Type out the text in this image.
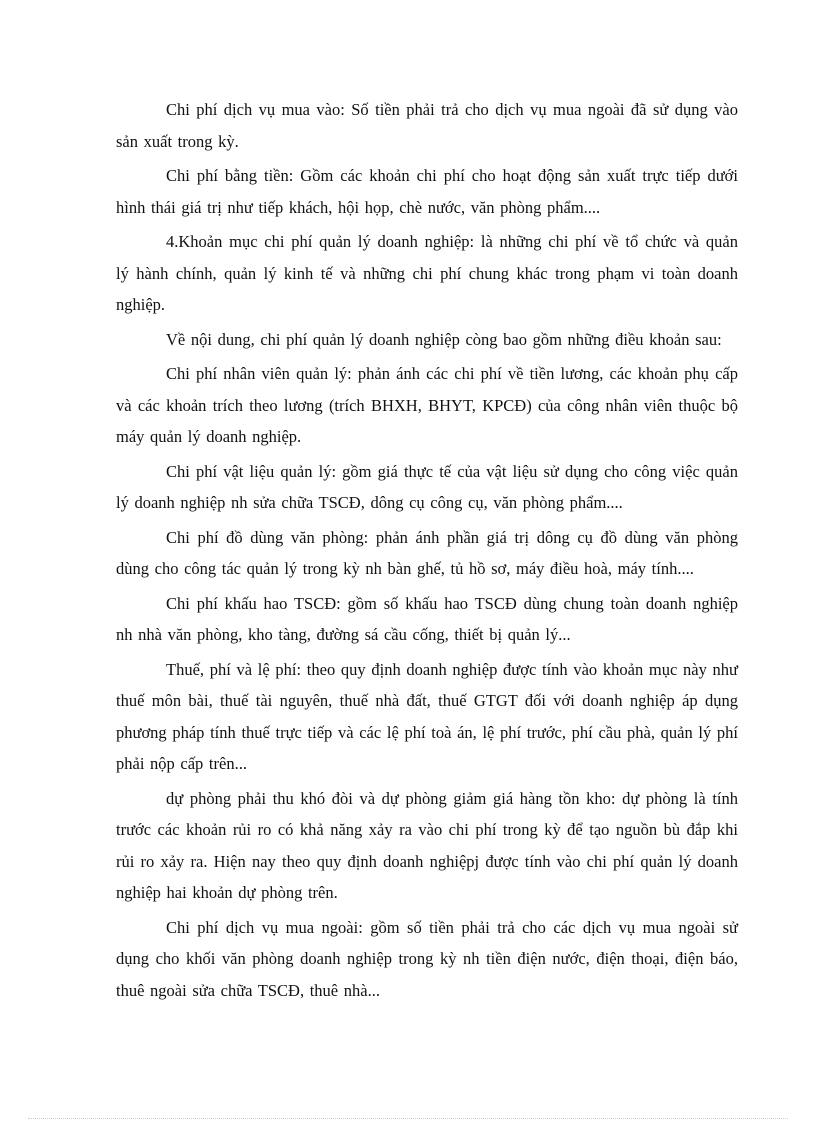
Chi phí dịch vụ mua vào: Số tiền phải trả cho dịch vụ mua ngoài đã sử dụng vào sản xuất trong kỳ.

Chi phí bằng tiền: Gồm các khoản chi phí cho hoạt động sản xuất trực tiếp dưới hình thái giá trị như tiếp khách, hội họp, chè nước, văn phòng phẩm....

4.Khoản mục chi phí quản lý doanh nghiệp: là những chi phí về tổ chức và quản lý hành chính, quản lý kinh tế và những chi phí chung khác trong phạm vi toàn doanh nghiệp.

Về nội dung, chi phí quản lý doanh nghiệp còng bao gồm những điều khoản sau:

Chi phí nhân viên quản lý: phản ánh các chi phí về tiền lương, các khoản phụ cấp và các khoản trích theo lương (trích BHXH, BHYT, KPCĐ) của công nhân viên thuộc bộ máy quản lý doanh nghiệp.

Chi phí vật liệu quản lý: gồm giá thực tế của vật liệu sử dụng cho công việc quản lý doanh nghiệp nh sửa chữa TSCĐ, dông cụ công cụ, văn phòng phẩm....

Chi phí đồ dùng văn phòng: phản ánh phần giá trị dông cụ đồ dùng văn phòng dùng cho công tác quản lý trong kỳ nh bàn ghế, tủ hồ sơ, máy điều hoà, máy tính....

Chi phí khấu hao TSCĐ: gồm số khấu hao TSCĐ dùng chung toàn doanh nghiệp nh nhà văn phòng, kho tàng, đường sá cầu cống, thiết bị quản lý...

Thuế, phí và lệ phí: theo quy định doanh nghiệp được tính vào khoản mục này như thuế môn bài, thuế tài nguyên, thuế nhà đất, thuế GTGT đối với doanh nghiệp áp dụng phương pháp tính thuế trực tiếp và các lệ phí toà án, lệ phí trước, phí cầu phà, quản lý phí phải nộp cấp trên...

dự phòng phải thu khó đòi và dự phòng giảm giá hàng tồn kho: dự phòng là tính trước các khoản rủi ro có khả năng xảy ra vào chi phí trong kỳ để tạo nguồn bù đắp khi rủi ro xảy ra. Hiện nay theo quy định doanh nghiệpj được tính vào chi phí quản lý doanh nghiệp hai khoản dự phòng trên.

Chi phí dịch vụ mua ngoài: gồm số tiền phải trả cho các dịch vụ mua ngoài sử dụng cho khối văn phòng doanh nghiệp trong kỳ nh tiền điện nước, điện thoại, điện báo, thuê ngoài sửa chữa TSCĐ, thuê nhà...
